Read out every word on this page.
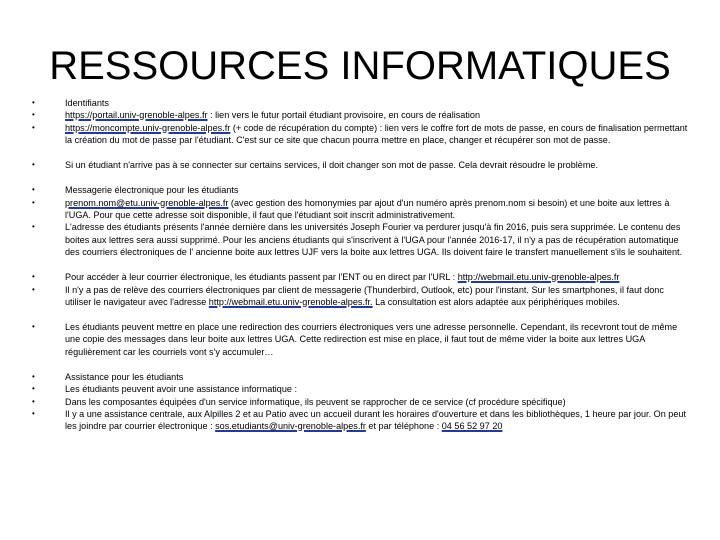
RESSOURCES INFORMATIQUES
•	Identifiants
•	https://portail.univ-grenoble-alpes.fr : lien vers le futur portail étudiant provisoire, en cours de réalisation
•	https://moncompte.univ-grenoble-alpes.fr (+ code de récupération du compte) : lien vers le coffre fort de mots de passe, en cours de finalisation permettant la création du mot de passe par l'étudiant. C'est sur ce site que chacun pourra mettre en place, changer et récupérer son mot de passe.
•	Si un étudiant n'arrive pas à se connecter sur certains services, il doit changer son mot de passe. Cela devrait résoudre le problème.
•	Messagerie électronique pour les étudiants
•	prenom.nom@etu.univ-grenoble-alpes.fr (avec gestion des homonymies par ajout d'un numéro après prenom.nom si besoin) et une boite aux lettres à l'UGA. Pour que cette adresse soit disponible, il faut que l'étudiant soit inscrit administrativement.
•	L'adresse des étudiants présents l'année dernière dans les universités Joseph Fourier va perdurer jusqu'à fin 2016, puis sera supprimée. Le contenu des boites aux lettres sera aussi supprimé. Pour les anciens étudiants qui s'inscrivent à l'UGA pour l'année 2016-17, il n'y a pas de récupération automatique des courriers électroniques de l' ancienne boite aux lettres UJF vers la boite aux lettres UGA. Ils doivent faire le transfert manuellement s'ils le souhaitent.
•	Pour accéder à leur courrier électronique, les étudiants passent par l'ENT ou en direct par l'URL : http://webmail.etu.univ-grenoble-alpes.fr
•	Il n'y a pas de relève des courriers électroniques par client de messagerie (Thunderbird, Outlook, etc) pour l'instant. Sur les smartphones, il faut donc utiliser le navigateur avec l'adresse http://webmail.etu.univ-grenoble-alpes.fr. La consultation est alors adaptée aux périphériques mobiles.
•	Les étudiants peuvent mettre en place une redirection des courriers électroniques vers une adresse personnelle. Cependant, ils recevront tout de même une copie des messages dans leur boite aux lettres UGA. Cette redirection est mise en place, il faut tout de même vider la boite aux lettres UGA régulièrement car les courriels vont s'y accumuler…
•	Assistance pour les étudiants
•	Les étudiants peuvent avoir une assistance informatique :
•	Dans les composantes équipées d'un service informatique, ils peuvent se rapprocher de ce service (cf procédure spécifique)
•	Il y a une assistance centrale, aux Alpilles 2 et au Patio avec un accueil durant les horaires d'ouverture et dans les bibliothèques, 1 heure par jour. On peut les joindre par courrier électronique : sos.etudiants@univ-grenoble-alpes.fr et par téléphone : 04 56 52 97 20
